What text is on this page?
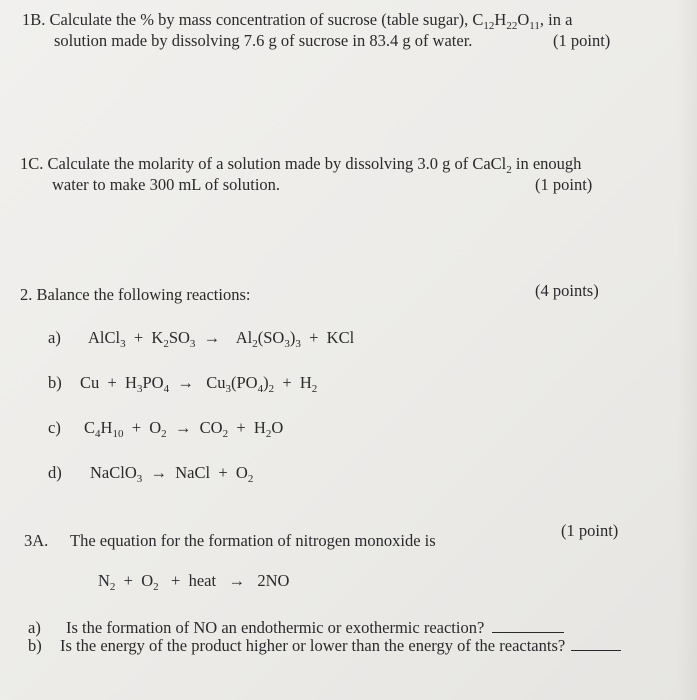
1B. Calculate the % by mass concentration of sucrose (table sugar), $C_{12}H_{22}O_{11}$, in a
solution made by dissolving 7.6 g of sucrose in 83.4 g of water.	(1 point)
1C. Calculate the molarity of a solution made by dissolving 3.0 g of CaCl$_2$ in enough
water to make 300 mL of solution.	(1 point)
2. Balance the following reactions:	(4 points)
a) AlCl$_3$  +  $K_2SO_3$  →    $Al_2(SO_3)_3$  +  KCl
b) $Cu + H_3PO_4 \to Cu_3(PO_4)_2 + H_2$
c) $C_4H_{10} + O_2 \to CO_2 + H_2O$
d) NaClO$_3$  →  NaCl  +  $O_2$
3A. The equation for the formation of nitrogen monoxide is
(1 point)
$N_2 + O_2$   +  heat   →   2NO
a) Is the formation of NO an endothermic or exothermic reaction?
b) Is the energy of the product higher or lower than the energy of the reactants?
